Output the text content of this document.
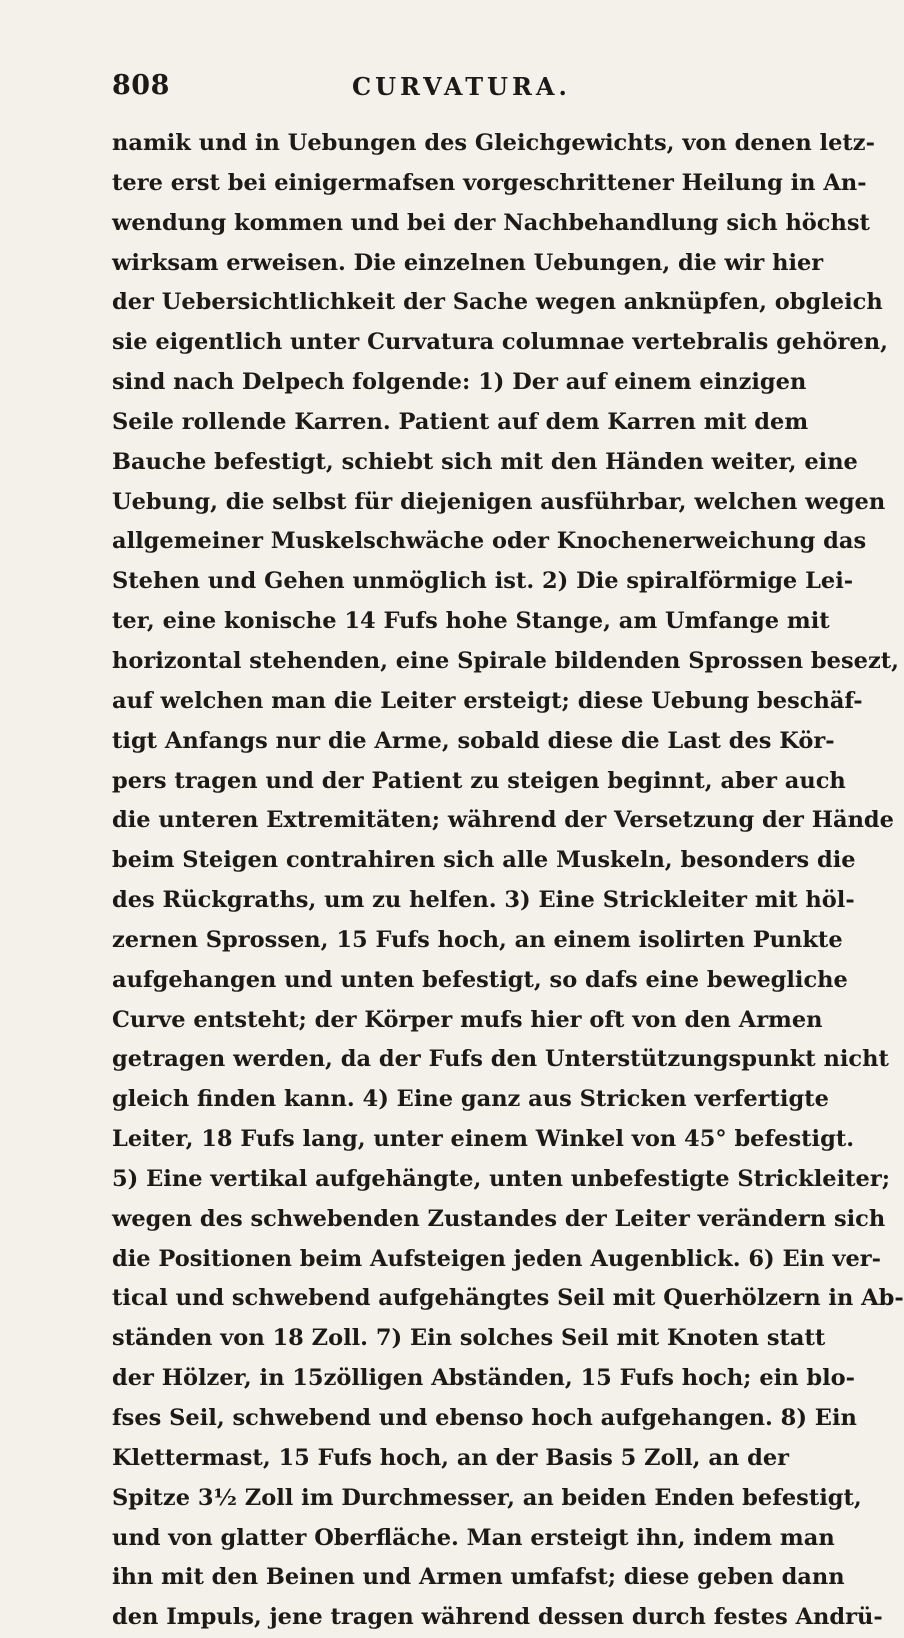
808	CURVATURA.
namik und in Uebungen des Gleichgewichts, von denen letz-
tere erst bei einigermafsen vorgeschrittener Heilung in An-
wendung kommen und bei der Nachbehandlung sich höchst
wirksam erweisen. Die einzelnen Uebungen, die wir hier
der Uebersichtlichkeit der Sache wegen anknüpfen, obgleich
sie eigentlich unter Curvatura columnae vertebralis gehören,
sind nach Delpech folgende: 1) Der auf einem einzigen
Seile rollende Karren. Patient auf dem Karren mit dem
Bauche befestigt, schiebt sich mit den Händen weiter, eine
Uebung, die selbst für diejenigen ausführbar, welchen wegen
allgemeiner Muskelschwäche oder Knochenerweichung das
Stehen und Gehen unmöglich ist. 2) Die spiralförmige Lei-
ter, eine konische 14 Fufs hohe Stange, am Umfange mit
horizontal stehenden, eine Spirale bildenden Sprossen besezt,
auf welchen man die Leiter ersteigt; diese Uebung beschäf-
tigt Anfangs nur die Arme, sobald diese die Last des Kör-
pers tragen und der Patient zu steigen beginnt, aber auch
die unteren Extremitäten; während der Versetzung der Hände
beim Steigen contrahiren sich alle Muskeln, besonders die
des Rückgraths, um zu helfen. 3) Eine Strickleiter mit höl-
zernen Sprossen, 15 Fufs hoch, an einem isolirten Punkte
aufgehangen und unten befestigt, so dafs eine bewegliche
Curve entsteht; der Körper mufs hier oft von den Armen
getragen werden, da der Fufs den Unterstützungspunkt nicht
gleich finden kann. 4) Eine ganz aus Stricken verfertigte
Leiter, 18 Fufs lang, unter einem Winkel von 45° befestigt.
5) Eine vertikal aufgehängte, unten unbefestigte Strickleiter;
wegen des schwebenden Zustandes der Leiter verändern sich
die Positionen beim Aufsteigen jeden Augenblick. 6) Ein ver-
tical und schwebend aufgehängtes Seil mit Querhölzern in Ab-
ständen von 18 Zoll. 7) Ein solches Seil mit Knoten statt
der Hölzer, in 15zölligen Abständen, 15 Fufs hoch; ein blo-
fses Seil, schwebend und ebenso hoch aufgehangen. 8) Ein
Klettermast, 15 Fufs hoch, an der Basis 5 Zoll, an der
Spitze 3½ Zoll im Durchmesser, an beiden Enden befestigt,
und von glatter Oberfläche. Man ersteigt ihn, indem man
ihn mit den Beinen und Armen umfafst; diese geben dann
den Impuls, jene tragen während dessen durch festes Andrü-
